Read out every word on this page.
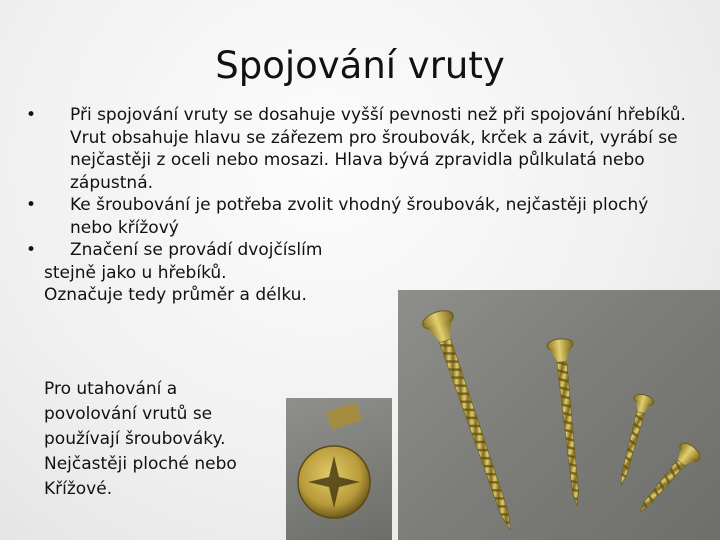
Spojování vruty

• Při spojování vruty se dosahuje vyšší pevnosti než při spojování hřebíků. Vrut obsahuje hlavu se zářezem pro šroubovák, krček a závit, vyrábí se nejčastěji z oceli nebo mosazi. Hlava bývá zpravidla půlkulatá nebo zápustná.

• Ke šroubování je potřeba zvolit vhodný šroubovák, nejčastěji plochý nebo křížový

• Značení se provádí dvojčíslím

stejně jako u hřebíků.

Označuje tedy průměr a délku.

Pro utahování a
povolování vrutů se
používají šroubováky.
Nejčastěji ploché nebo
Křížové.
